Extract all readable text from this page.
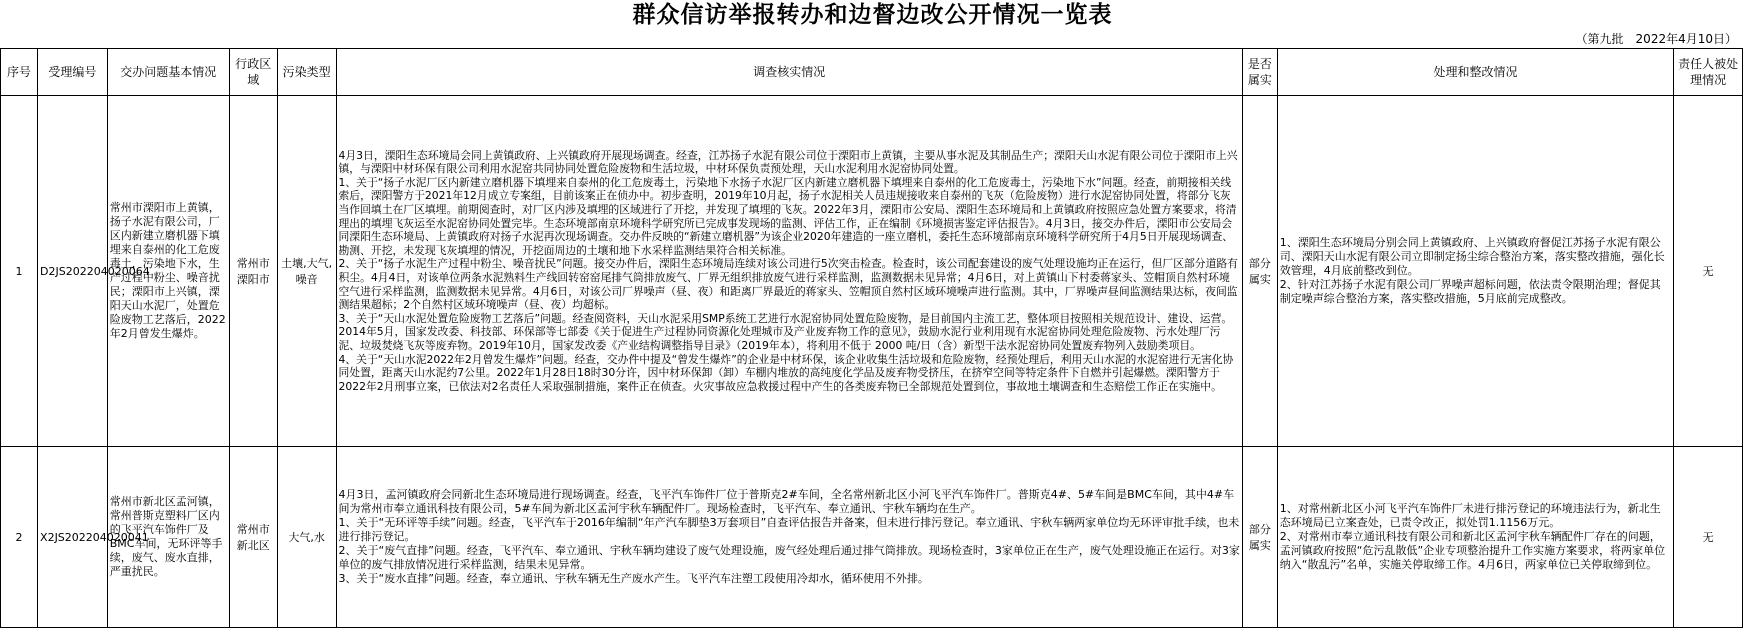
群众信访举报转办和边督边改公开情况一览表
（第九批　2022年4月10日）
序号	受理编号	交办问题基本情况	行政区域	污染类型	调查核实情况	是否属实	处理和整改情况	责任人被处理情况
1	D2JS202204020064	常州市溧阳市上黄镇，扬子水泥有限公司，厂区内新建立磨机器下填埋来自泰州的化工危废毒土，污染地下水，生产过程中粉尘、噪音扰民；溧阳市上兴镇，溧阳天山水泥厂，处置危险废物工艺落后，2022年2月曾发生爆炸。	常州市溧阳市	土壤,大气,噪音	4月3日，溧阳生态环境局会同上黄镇政府、上兴镇政府开展现场调查。经查，江苏扬子水泥有限公司位于溧阳市上黄镇，主要从事水泥及其制品生产；溧阳天山水泥有限公司位于溧阳市上兴镇，与溧阳中材环保有限公司利用水泥窑共同协同处置危险废物和生活垃圾，中材环保负责预处理，天山水泥利用水泥窑协同处置。
1、关于“扬子水泥厂区内新建立磨机器下填埋来自泰州的化工危废毒土，污染地下水扬子水泥厂区内新建立磨机器下填埋来自泰州的化工危废毒土，污染地下水”问题。经查，前期接相关线索后，溧阳警方于2021年12月成立专案组，目前该案正在侦办中。初步查明，2019年10月起，扬子水泥相关人员违规接收来自泰州的飞灰（危险废物）进行水泥窑协同处置，将部分飞灰当作回填土在厂区填埋。前期阅查时，对厂区内涉及填埋的区域进行了开挖，并发现了填埋的飞灰。2022年3月，溧阳市公安局、溧阳生态环境局和上黄镇政府按照应急处置方案要求，将清理出的填埋飞灰运至水泥窑协同处置完毕。生态环境部南京环境科学研究所已完成事发现场的监测、评估工作，正在编制《环境损害鉴定评估报告》。4月3日，接交办件后，溧阳市公安局会同溧阳生态环境局、上黄镇政府对扬子水泥再次现场调查。交办件反映的“新建立磨机器”为该企业2020年建造的一座立磨机，委托生态环境部南京环境科学研究所于4月5日开展现场调查、勘测、开挖，未发现飞灰填埋的情况，开挖面周边的土壤和地下水采样监测结果符合相关标准。
2、关于“扬子水泥生产过程中粉尘、噪音扰民”问题。接交办件后，溧阳生态环境局连续对该公司进行5次突击检查。检查时，该公司配套建设的废气处理设施均正在运行，但厂区部分道路有积尘。4月4日，对该单位两条水泥熟料生产线回转窑窑尾排气筒排放废气、厂界无组织排放废气进行采样监测，监测数据未见异常；4月6日，对上黄镇山下村委蒋家头、笠帽顶自然村环境空气进行采样监测，监测数据未见异常。4月6日，对该公司厂界噪声（昼、夜）和距离厂界最近的蒋家头、笠帽顶自然村区域环境噪声进行监测。其中，厂界噪声昼间监测结果达标，夜间监测结果超标；2个自然村区域环境噪声（昼、夜）均超标。
3、关于“天山水泥处置危险废物工艺落后”问题。经查阅资料，天山水泥采用SMP系统工艺进行水泥窑协同处置危险废物，是目前国内主流工艺，整体项目按照相关规范设计、建设、运营。2014年5月，国家发改委、科技部、环保部等七部委《关于促进生产过程协同资源化处理城市及产业废弃物工作的意见》，鼓励水泥行业利用现有水泥窑协同处理危险废物、污水处理厂污泥、垃圾焚烧飞灰等废弃物。2019年10月，国家发改委《产业结构调整指导目录》（2019年本），将利用不低于 2000 吨/日（含）新型干法水泥窑协同处置废弃物列入鼓励类项目。
4、关于“天山水泥2022年2月曾发生爆炸”问题。经查，交办件中提及“曾发生爆炸”的企业是中材环保，该企业收集生活垃圾和危险废物，经预处理后，利用天山水泥的水泥窑进行无害化协同处置，距离天山水泥约7公里。2022年1月28日18时30分许，因中材环保卸（卸）车棚内堆放的高纯度化学品及废弃物受挤压，在挤窄空间等特定条件下自燃并引起爆燃。溧阳警方于2022年2月刑事立案，已依法对2名责任人采取强制措施，案件正在侦查。火灾事故应急救援过程中产生的各类废弃物已全部规范处置到位，事故地土壤调查和生态赔偿工作正在实施中。	部分属实	1、溧阳生态环境局分别会同上黄镇政府、上兴镇政府督促江苏扬子水泥有限公司、溧阳天山水泥有限公司立即制定扬尘综合整治方案，落实整改措施，强化长效管理，4月底前整改到位。
2、针对江苏扬子水泥有限公司厂界噪声超标问题，依法责令限期治理；督促其制定噪声综合整治方案，落实整改措施，5月底前完成整改。	无
2	X2JS202204020041	常州市新北区孟河镇，常州普斯克塑料厂区内的飞平汽车饰件厂及BMC车间，无环评等手续，废气、废水直排，严重扰民。	常州市新北区	大气,水	4月3日，孟河镇政府会同新北生态环境局进行现场调查。经查，飞平汽车饰件厂位于普斯克2#车间，全名常州新北区小河飞平汽车饰件厂。普斯克4#、5#车间是BMC车间，其中4#车间为常州市奉立通讯科技有限公司，5#车间为新北区孟河宇秋车辆配件厂。现场检查时，飞平汽车、奉立通讯、宇秋车辆均在生产。
1、关于“无环评等手续”问题。经查，飞平汽车于2016年编制“年产汽车脚垫3万套项目”自查评估报告并备案，但未进行排污登记。奉立通讯、宇秋车辆两家单位均无环评审批手续，也未进行排污登记。
2、关于“废气直排”问题。经查，飞平汽车、奉立通讯、宇秋车辆均建设了废气处理设施，废气经处理后通过排气筒排放。现场检查时，3家单位正在生产，废气处理设施正在运行。对3家单位的废气排放情况进行采样监测，结果未见异常。
3、关于“废水直排”问题。经查，奉立通讯、宇秋车辆无生产废水产生。飞平汽车注塑工段使用冷却水，循环使用不外排。	部分属实	1、对常州新北区小河飞平汽车饰件厂未进行排污登记的环境违法行为，新北生态环境局已立案查处，已责令改正，拟处罚1.1156万元。
2、对常州市奉立通讯科技有限公司和新北区孟河宇秋车辆配件厂存在的问题，孟河镇政府按照“危污乱散低”企业专项整治提升工作实施方案要求，将两家单位纳入“散乱污”名单，实施关停取缔工作。4月6日，两家单位已关停取缔到位。	无
